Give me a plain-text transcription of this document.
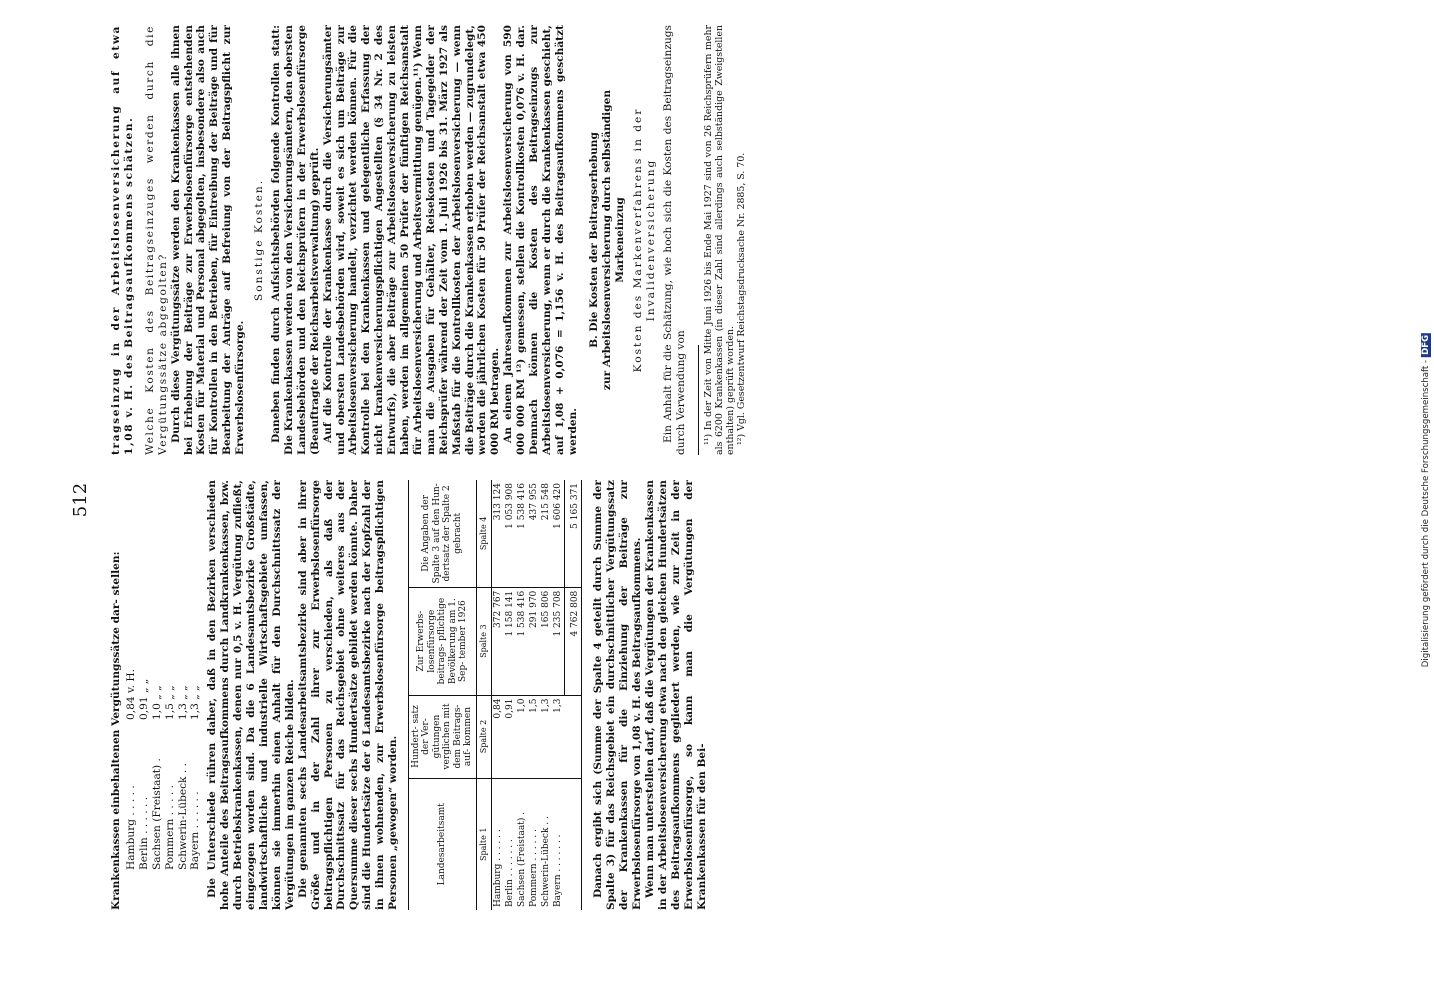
512

Krankenkassen einbehaltenen Vergütungssätze dar- stellen: Hamburg . . . . .
0,84 v. H.
Berlin . . . . . .
0,91 „ „
Sachsen (Freistaat) .
1,0 „ „
Pommern . . . . .
1,5 „ „
Schwerin-Lübeck . .
1,3 „ „
Bayern . . . . . .
1,3 „ „ Die Unterschiede rühren daher, daß in den Bezirken verschieden hohe Anteile des Beitragsaufkommens durch Landkrankenkassen, bzw. durch Betriebskrankenkassen, denen nur 0,5 v. H. Vergütung zufließt, eingezogen worden sind. Da die 6 Landesamtsbezirke Großstädte, landwirtschaftliche und industrielle Wirtschaftsgebiete umfassen, können sie immerhin einen Anhalt für den Durchschnittssatz der Vergütungen im ganzen Reiche bilden. Die genannten sechs Landesarbeitsamtsbezirke sind aber in ihrer Größe und in der Zahl ihrer zur Erwerbslosenfürsorge beitragspflichtigen Personen zu verschieden, als daß der Durchschnittssatz für das Reichsgebiet ohne weiteres aus der Quersumme dieser sechs Hundertsätze gebildet werden könnte. Daher sind die Hundertsätze der 6 Landesamtsbezirke nach der Kopfzahl der in ihnen wohnenden, zur Erwerbslosenfürsorge beitragspflichtigen Personen „gewogen“ worden.	Landesarbeitsamt	Hundert- satz der Ver- gütungen verglichen mit dem Beitrags- auf- kommen	Zur Erwerbs- losenfürsorge beitrags- pflichtige Bevölkerung am 1. Sep- tember 1926	Die Angaben der Spalte 3 auf den Hun- dertsatz der Spalte 2 gebracht
Spalte 1	Spalte 2	Spalte 3	Spalte 4
Hamburg . . . . . .	0,84	372 767	313 124
Berlin . . . . . . .	0,91	1 158 141	1 053 908
Sachsen (Freistaat) .	1,0	1 538 416	1 538 416
Pommern . . . . . .	1,5	291 970	437 955
Schwerin-Lübeck . .	1,3	165 806	215 548
Bayern . . . . . . .	1,3	1 235 708	1 606 420
		4 762 808	5 165 371 Danach ergibt sich (Summe der Spalte 4 geteilt durch Summe der Spalte 3) für das Reichsgebiet ein durchschnittlicher Vergütungssatz der Krankenkassen für die Einziehung der Beiträge zur Erwerbslosenfürsorge von 1,08 v. H. des Beitragsaufkommens. Wenn man unterstellen darf, daß die Vergütungen der Krankenkassen in der Arbeitslosenversicherung etwa nach den gleichen Hundertsätzen des Beitragsaufkommens gegliedert werden, wie zur Zeit in der Erwerbslosenfürsorge, so kann man die Vergütungen der Krankenkassen für den Bei-

tragseinzug in der Arbeitslosenversicherung auf etwa 1,08 v. H. des Beitragsaufkommens schätzen. Welche Kosten des Beitragseinzuges werden durch die Vergütungssätze abgegolten? Durch diese Vergütungssätze werden den Krankenkassen alle ihnen bei Erhebung der Beiträge zur Erwerbslosenfürsorge entstehenden Kosten für Material und Personal abgegolten, insbesondere also auch für Kontrollen in den Betrieben, für Eintreibung der Beiträge und für Bearbeitung der Anträge auf Befreiung von der Beitragspflicht zur Erwerbslosenfürsorge.

Sonstige Kosten. Daneben finden durch Aufsichtsbehörden folgende Kontrollen statt: Die Krankenkassen werden von den Versicherungsämtern, den obersten Landesbehörden und den Reichsprüfern in der Erwerbslosenfürsorge (Beauftragte der Reichsarbeitsverwaltung) geprüft. Auf die Kontrolle der Krankenkasse durch die Versicherungsämter und obersten Landesbehörden wird, soweit es sich um Beiträge zur Arbeitslosenversicherung handelt, verzichtet werden können. Für die Kontrolle bei den Krankenkassen und gelegentliche Erfassung der nicht krankenversicherungspflichtigen Angestellten (§ 34 Nr. 2 des Entwurfs), die aber Beiträge zur Arbeitslosenversicherung zu leisten haben, werden im allgemeinen 50 Prüfer der fünftigen Reichsanstalt für Arbeitslosenversicherung und Arbeitsvermittlung genügen.¹¹) Wenn man die Ausgaben für Gehälter, Reisekosten und Tagegelder der Reichsprüfer während der Zeit vom 1. Juli 1926 bis 31. März 1927 als Maßstab für die Kontrollkosten der Arbeitslosenversicherung — wenn die Beiträge durch die Krankenkassen erhoben werden — zugrundelegt, werden die jährlichen Kosten für 50 Prüfer der Reichsanstalt etwa 450 000 RM betragen. An einem Jahresaufkommen zur Arbeitslosenversicherung von 590 000 000 RM ¹²) gemessen, stellen die Kontrollkosten 0,076 v. H. dar. Demnach können die Kosten des Beitragseinzugs zur Arbeitslosenversicherung, wenn er durch die Krankenkassen geschieht, auf 1,08 + 0,076 = 1,156 v. H. des Beitragsaufkommens geschätzt werden.

B. Die Kosten der Beitragserhebung zur Arbeitslosenversicherung durch selbständigen Markeneinzug Kosten des Markenverfahrens in der Invalidenversicherung Ein Anhalt für die Schätzung, wie hoch sich die Kosten des Beitragseinzugs durch Verwendung von ¹¹) In der Zeit von Mitte Juni 1926 bis Ende Mai 1927 sind von 26 Reichsprüfern mehr als 6200 Krankenkassen (in dieser Zahl sind allerdings auch selbständige Zweigstellen enthalten) geprüft worden. ¹²) Vgl. Gesetzentwurf Reichstagsdrucksache Nr. 2885, S. 70.

Digitalisierung gefördert durch die Deutsche Forschungsgemeinschaft -DFG
